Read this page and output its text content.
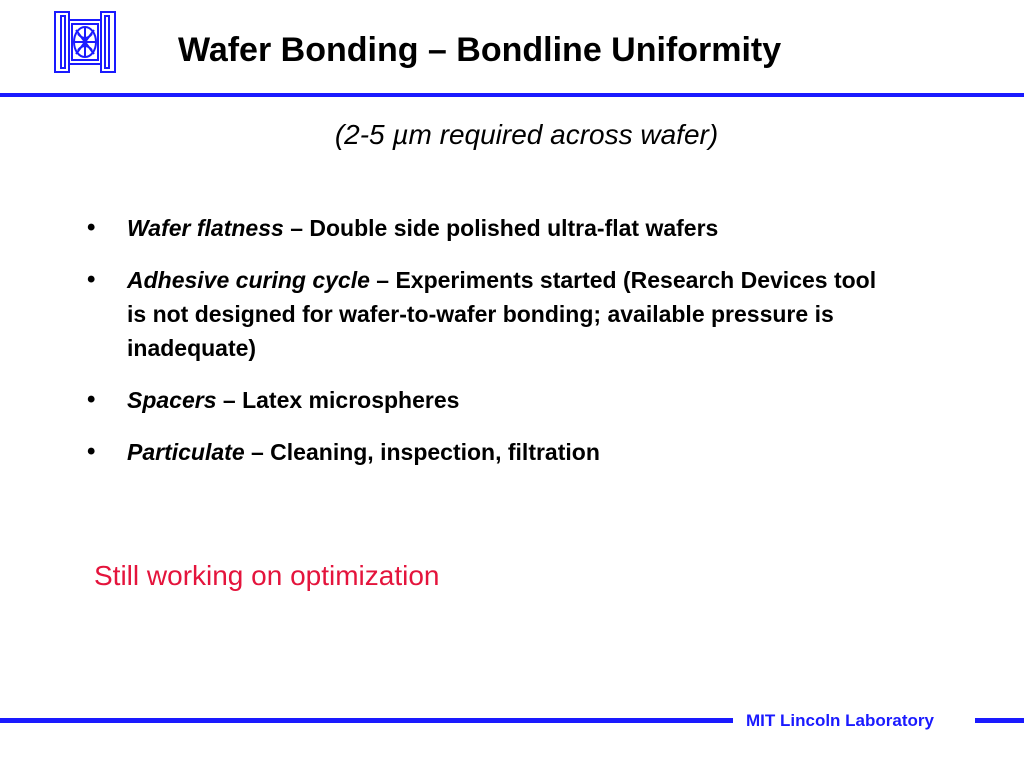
Wafer Bonding – Bondline Uniformity
(2-5 µm required across wafer)
• Wafer flatness – Double side polished ultra-flat wafers
• Adhesive curing cycle – Experiments started (Research Devices tool is not designed for wafer-to-wafer bonding; available pressure is inadequate)
• Spacers – Latex microspheres
• Particulate – Cleaning, inspection, filtration
Still working on optimization
MIT Lincoln Laboratory
